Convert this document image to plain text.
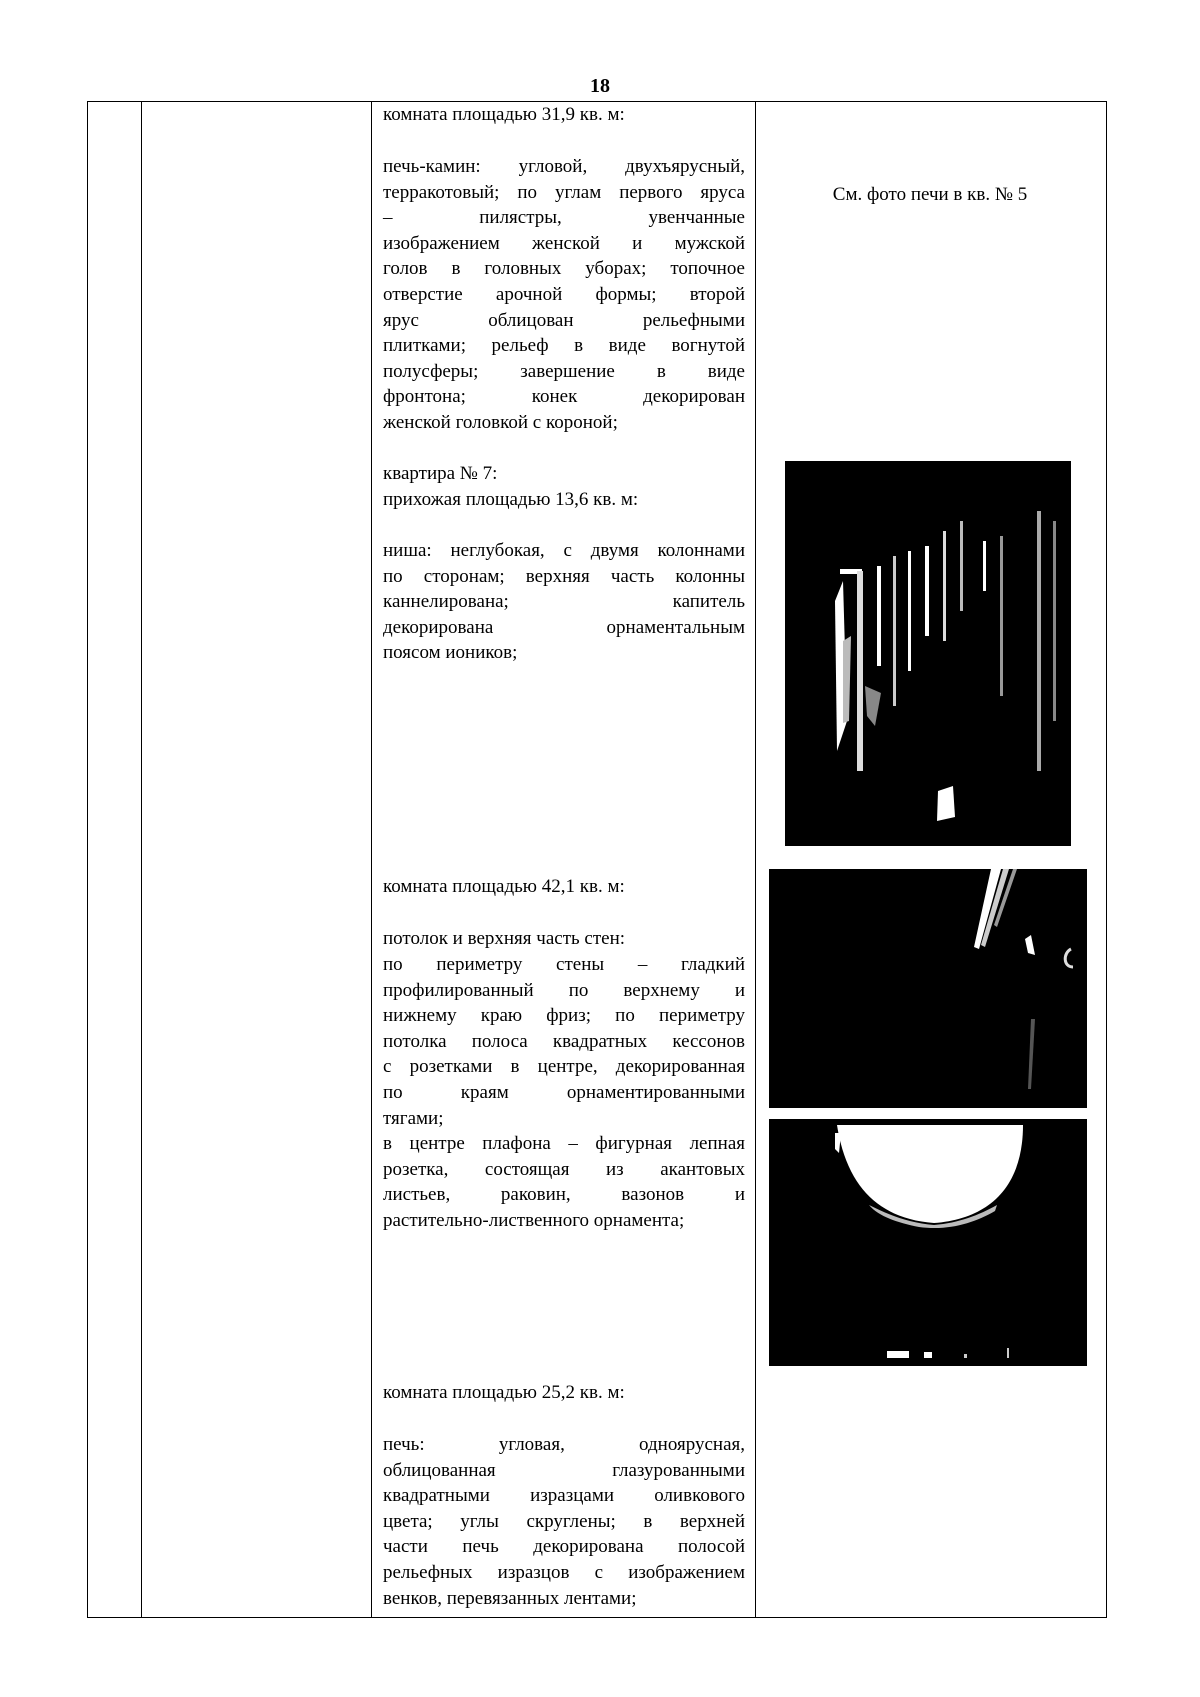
18
комната площадью 31,9 кв. м:
печь-камин: угловой, двухъярусный,
терракотовый; по углам первого яруса
– пилястры, увенчанные
изображением женской и мужской
голов в головных уборах; топочное
отверстие арочной формы; второй
ярус облицован рельефными
плитками; рельеф в виде вогнутой
полусферы; завершение в виде
фронтона; конек декорирован
женской головкой с короной;
квартира № 7:
прихожая площадью 13,6 кв. м:
ниша: неглубокая, с двумя колоннами
по сторонам; верхняя часть колонны
каннелирована; капитель
декорирована орнаментальным
поясом иоников;
комната площадью 42,1 кв. м:
потолок и верхняя часть стен:
по периметру стены – гладкий
профилированный по верхнему и
нижнему краю фриз; по периметру
потолка полоса квадратных кессонов
с розетками в центре, декорированная
по краям орнаментированными
тягами;
в центре плафона – фигурная лепная
розетка, состоящая из акантовых
листьев, раковин, вазонов и
растительно-лиственного орнамента;
комната площадью 25,2 кв. м:
печь: угловая, одноярусная,
облицованная глазурованными
квадратными изразцами оливкового
цвета; углы скруглены; в верхней
части печь декорирована полосой
рельефных изразцов с изображением
венков, перевязанных лентами;
См. фото печи в кв. № 5
